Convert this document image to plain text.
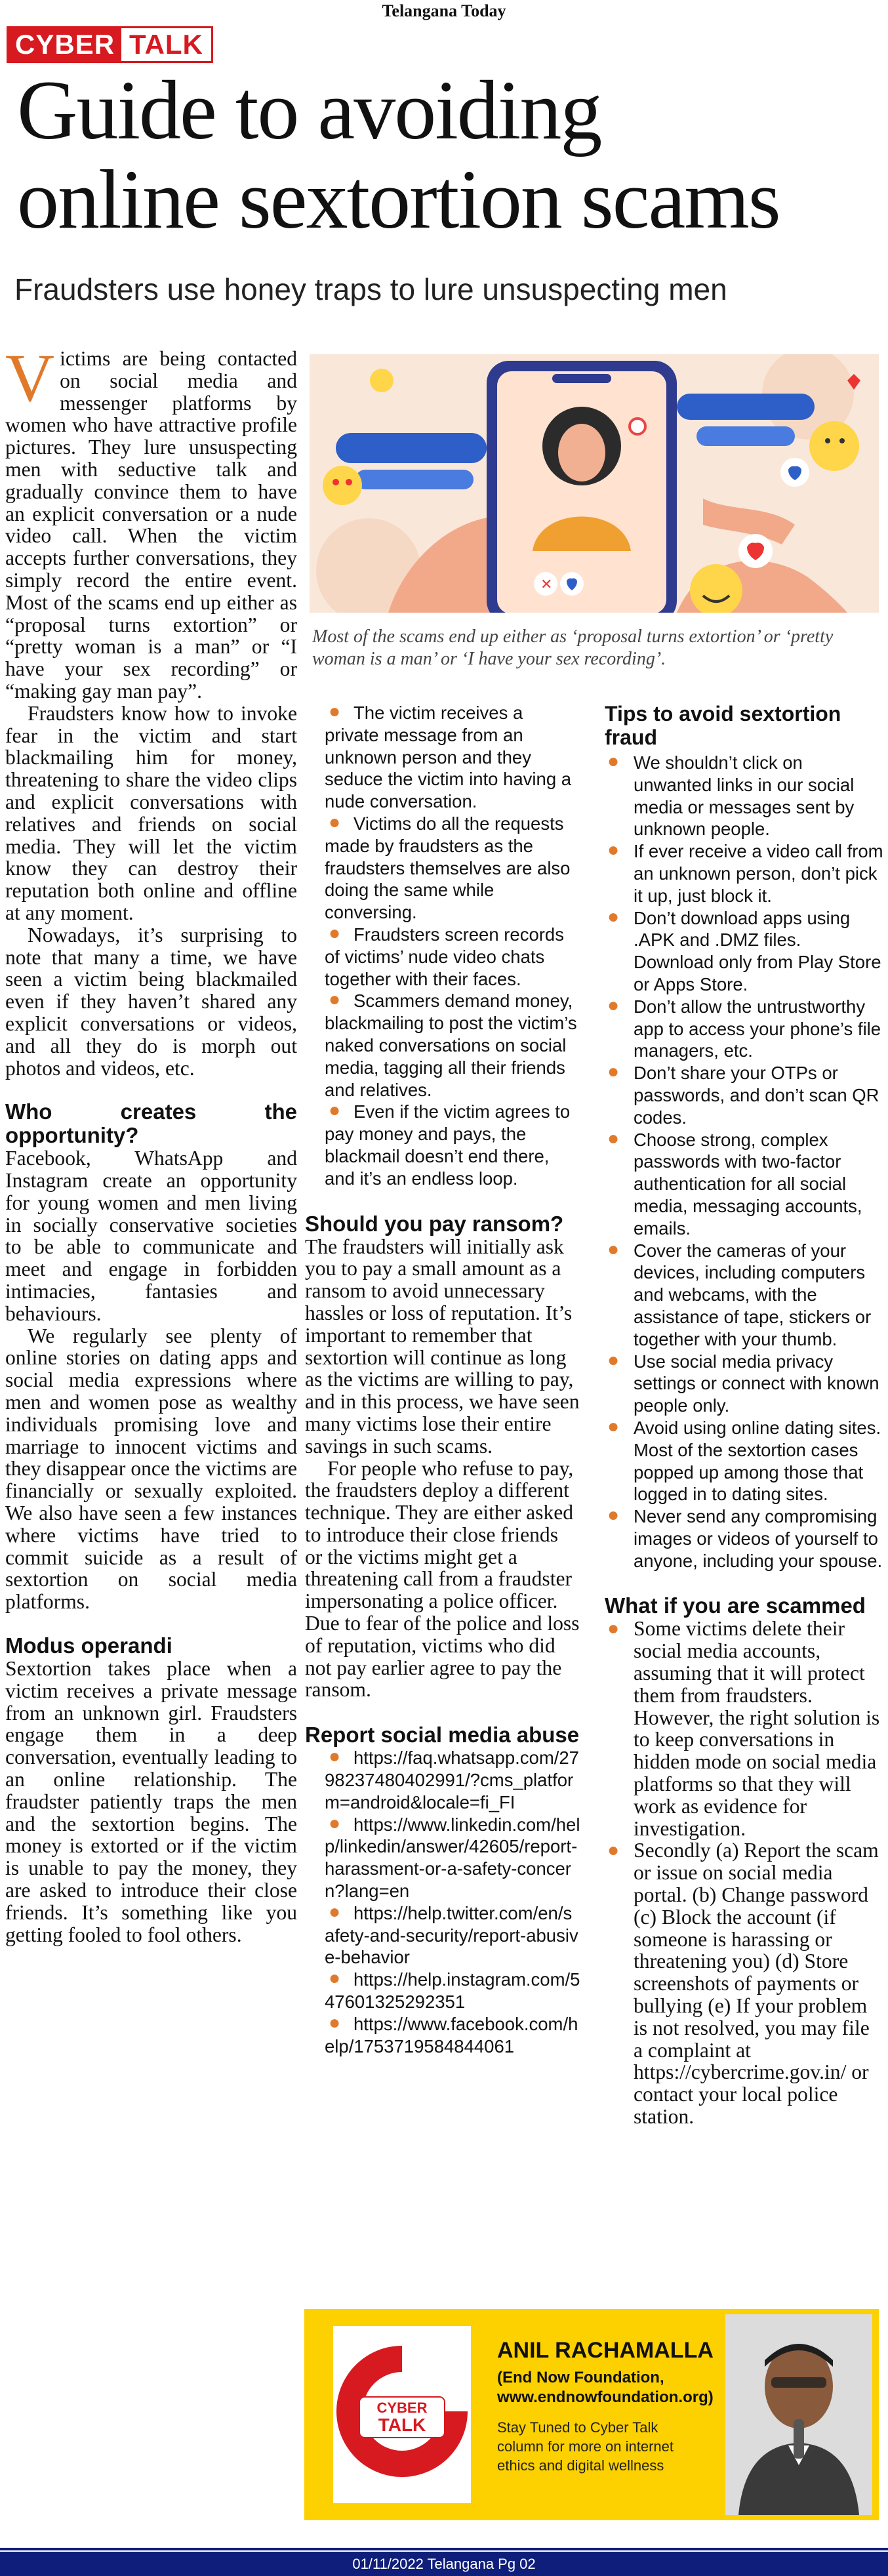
Telangana Today
CYBER TALK
Guide to avoiding
online sextortion scams
Fraudsters use honey traps to lure unsuspecting men

Victims are being contacted on social media and messenger platforms by women who have attractive profile pictures. They lure unsuspecting men with seductive talk and gradually convince them to have an explicit conversation or a nude video call. When the victim accepts further conversations, they simply record the entire event. Most of the scams end up either as “proposal turns extortion” or “pretty woman is a man” or “I have your sex recording” or “making gay man pay”.

Fraudsters know how to invoke fear in the victim and start blackmailing him for money, threatening to share the video clips and explicit conversations with relatives and friends on social media. They will let the victim know they can destroy their reputation both online and offline at any moment.

Nowadays, it’s surprising to note that many a time, we have seen a victim being blackmailed even if they haven’t shared any explicit conversations or videos, and all they do is morph out photos and videos, etc.

Who creates the opportunity?

Facebook, WhatsApp and Instagram create an opportunity for young women and men living in socially conservative societies to be able to communicate and meet and engage in forbidden intimacies, fantasies and behaviours.

We regularly see plenty of online stories on dating apps and social media expressions where men and women pose as wealthy individuals promising love and marriage to innocent victims and they disappear once the victims are financially or sexually exploited. We also have seen a few instances where victims have tried to commit suicide as a result of sextortion on social media platforms.

Modus operandi

Sextortion takes place when a victim receives a private message from an unknown girl. Fraudsters engage them in a deep conversation, eventually leading to an online relationship. The fraudster patiently traps the men and the sextortion begins. The money is extorted or if the victim is unable to pay the money, they are asked to introduce their close friends. It’s something like you getting fooled to fool others.

✕
Most of the scams end up either as ‘proposal turns extortion’ or ‘pretty woman is a man’ or ‘I have your sex recording’.

● The victim receives a private message from an unknown person and they seduce the victim into having a nude conversation.

● Victims do all the requests made by fraudsters as the fraudsters themselves are also doing the same while conversing.

● Fraudsters screen records of victims’ nude video chats together with their faces.

● Scammers demand money, blackmailing to post the victim’s naked conversations on social media, tagging all their friends and relatives.

● Even if the victim agrees to pay money and pays, the blackmail doesn’t end there, and it’s an endless loop.

Should you pay ransom?

The fraudsters will initially ask you to pay a small amount as a ransom to avoid unnecessary hassles or loss of reputation. It’s important to remember that sextortion will continue as long as the victims are willing to pay, and in this process, we have seen many victims lose their entire savings in such scams.

For people who refuse to pay, the fraudsters deploy a different technique. They are either asked to introduce their close friends or the victims might get a threatening call from a fraudster impersonating a police officer. Due to fear of the police and loss of reputation, victims who did not pay earlier agree to pay the ransom.

Report social media abuse

● https://faq.whatsapp.com/2798237480402991/?cms_platform=android&locale=fi_FI

● https://www.linkedin.com/help/linkedin/answer/42605/report-harassment-or-a-safety-concern?lang=en

● https://help.twitter.com/en/safety-and-security/report-abusive-behavior

● https://help.instagram.com/547601325292351

● https://www.facebook.com/help/1753719584844061

Tips to avoid sextortion fraud

● We shouldn’t click on unwanted links in our social media or messages sent by unknown people.

● If ever receive a video call from an unknown person, don’t pick it up, just block it.

● Don’t download apps using .APK and .DMZ files. Download only from Play Store or Apps Store.

● Don’t allow the untrustworthy app to access your phone’s file managers, etc.

● Don’t share your OTPs or passwords, and don’t scan QR codes.

● Choose strong, complex passwords with two-factor authentication for all social media, messaging accounts, emails.

● Cover the cameras of your devices, including computers and webcams, with the assistance of tape, stickers or together with your thumb.

● Use social media privacy settings or connect with known people only.

● Avoid using online dating sites. Most of the sextortion cases popped up among those that logged in to dating sites.

● Never send any compromising images or videos of yourself to anyone, including your spouse.

What if you are scammed

● Some victims delete their social media accounts, assuming that it will protect them from fraudsters. However, the right solution is to keep conversations in hidden mode on social media platforms so that they will work as evidence for investigation.

● Secondly (a) Report the scam or issue on social media portal. (b) Change password (c) Block the account (if someone is harassing or threatening you) (d) Store screenshots of payments or bullying (e) If your problem is not resolved, you may file a complaint at https://cybercrime.gov.in/ or contact your local police station.

CYBER
TALK
ANIL RACHAMALLA
(End Now Foundation,
www.endnowfoundation.org)
Stay Tuned to Cyber Talk column for more on internet ethics and digital wellness
01/11/2022 Telangana Pg 02
